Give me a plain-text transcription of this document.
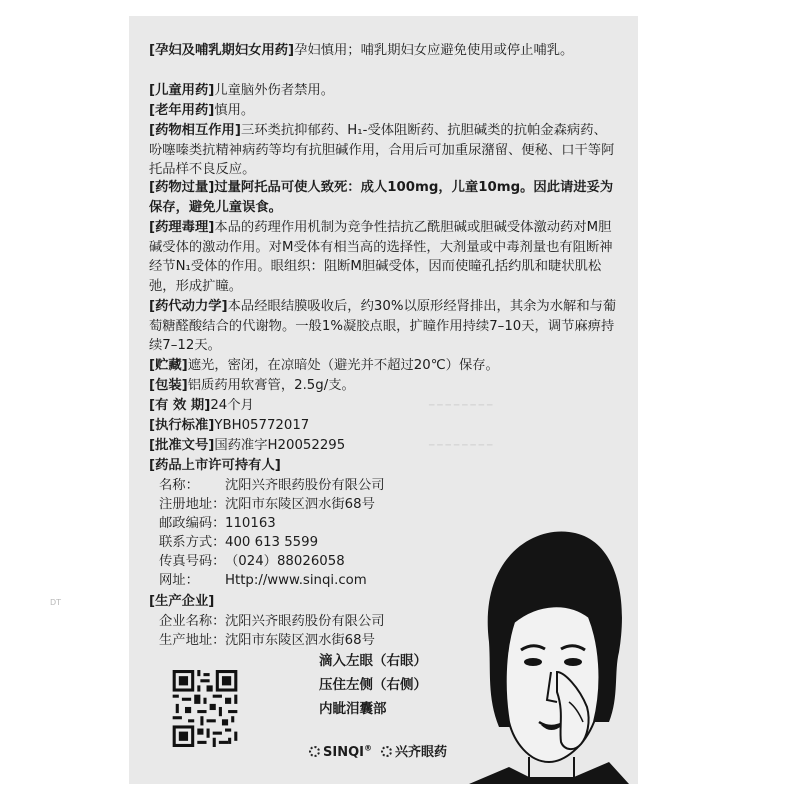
DT
─ ─ ─ ─ ─ ─ ─ ─
─ ─ ─ ─ ─ ─ ─ ─
[孕妇及哺乳期妇女用药]孕妇慎用；哺乳期妇女应避免使用或停止哺乳。
[儿童用药]儿童脑外伤者禁用。
[老年用药]慎用。
[药物相互作用]三环类抗抑郁药、H₁-受体阻断药、抗胆碱类的抗帕金森病药、吩噻嗪类抗精神病药等均有抗胆碱作用，合用后可加重尿潴留、便秘、口干等阿托品样不良反应。
[药物过量]过量阿托品可使人致死：成人100mg，儿童10mg。因此请进妥为保存，避免儿童误食。
[药理毒理]本品的药理作用机制为竞争性拮抗乙酰胆碱或胆碱受体激动药对M胆碱受体的激动作用。对M受体有相当高的选择性，大剂量或中毒剂量也有阻断神经节N₁受体的作用。眼组织：阻断M胆碱受体，因而使瞳孔括约肌和睫状肌松弛，形成扩瞳。
[药代动力学]本品经眼结膜吸收后，约30%以原形经肾排出，其余为水解和与葡萄糖醛酸结合的代谢物。一般1%凝胶点眼，扩瞳作用持续7–10天，调节麻痹持续7–12天。
[贮藏]遮光，密闭，在凉暗处（避光并不超过20℃）保存。
[包装]铝质药用软膏管，2.5g/支。
[有 效 期]24个月
[执行标准]YBH05772017
[批准文号]国药准字H20052295
[药品上市许可持有人]
名称： 沈阳兴齐眼药股份有限公司
注册地址：沈阳市东陵区泗水街68号
邮政编码：110163
联系方式：400 613 5599
传真号码：（024）88026058
网址： Http://www.sinqi.com
[生产企业]
企业名称：沈阳兴齐眼药股份有限公司
生产地址：沈阳市东陵区泗水街68号
滴入左眼（右眼）
压住左侧（右侧）
内眦泪囊部
SINQI® 兴齐眼药
